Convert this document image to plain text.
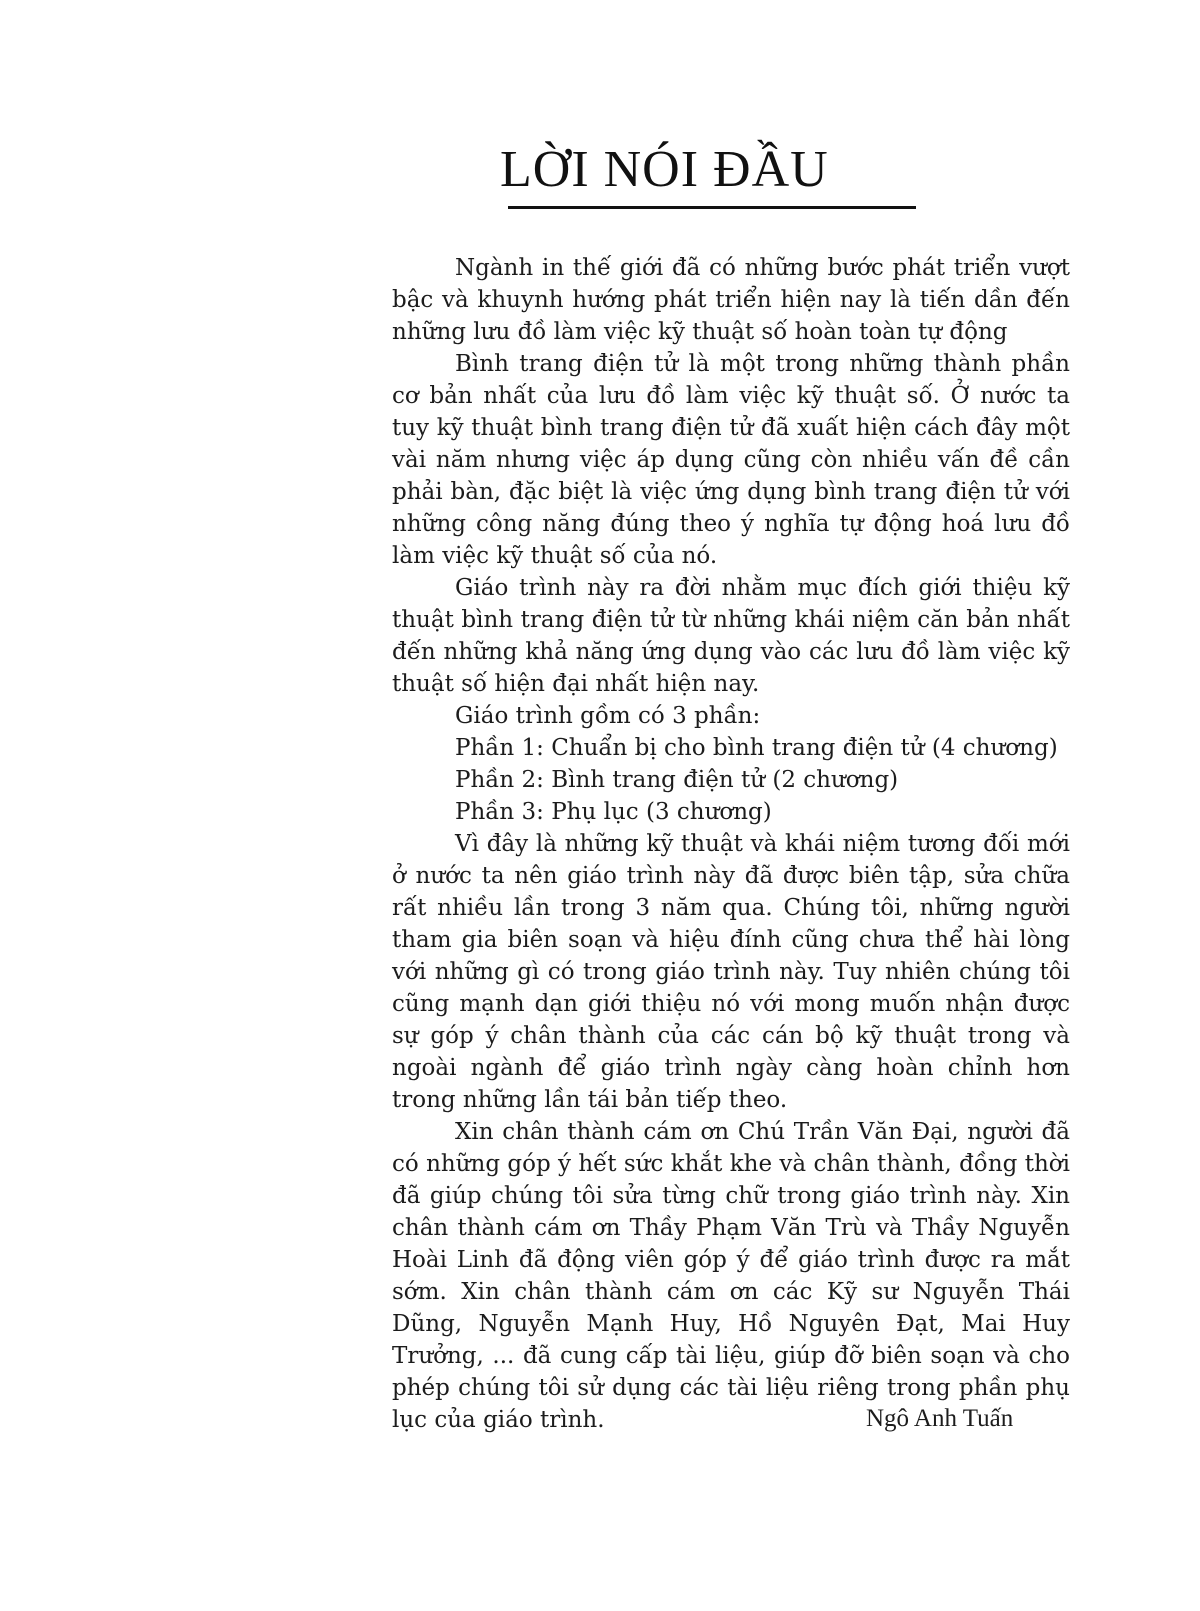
LỜI NÓI ĐẦU

Ngành in thế giới đã có những bước phát triển vượt bậc và khuynh hướng phát triển hiện nay là tiến dần đến những lưu đồ làm việc kỹ thuật số hoàn toàn tự động

Bình trang điện tử là một trong những thành phần cơ bản nhất của lưu đồ làm việc kỹ thuật số. Ở nước ta tuy kỹ thuật bình trang điện tử đã xuất hiện cách đây một vài năm nhưng việc áp dụng cũng còn nhiều vấn đề cần phải bàn, đặc biệt là việc ứng dụng bình trang điện tử với những công năng đúng theo ý nghĩa tự động hoá lưu đồ làm việc kỹ thuật số của nó.

Giáo trình này ra đời nhằm mục đích giới thiệu kỹ thuật bình trang điện tử từ những khái niệm căn bản nhất đến những khả năng ứng dụng vào các lưu đồ làm việc kỹ thuật số hiện đại nhất hiện nay.

Giáo trình gồm có 3 phần:

Phần 1: Chuẩn bị cho bình trang điện tử (4 chương)

Phần 2: Bình trang điện tử (2 chương)

Phần 3: Phụ lục (3 chương)

Vì đây là những kỹ thuật và khái niệm tương đối mới ở nước ta nên giáo trình này đã được biên tập, sửa chữa rất nhiều lần trong 3 năm qua. Chúng tôi, những người tham gia biên soạn và hiệu đính cũng chưa thể hài lòng với những gì có trong giáo trình này. Tuy nhiên chúng tôi cũng mạnh dạn giới thiệu nó với mong muốn nhận được sự góp ý chân thành của các cán bộ kỹ thuật trong và ngoài ngành để giáo trình ngày càng hoàn chỉnh hơn trong những lần tái bản tiếp theo.

Xin chân thành cám ơn Chú Trần Văn Đại, người đã có những góp ý hết sức khắt khe và chân thành, đồng thời đã giúp chúng tôi sửa từng chữ trong giáo trình này. Xin chân thành cám ơn Thầy Phạm Văn Trù và Thầy Nguyễn Hoài Linh đã động viên góp ý để giáo trình được ra mắt sớm. Xin chân thành cám ơn các Kỹ sư Nguyễn Thái Dũng, Nguyễn Mạnh Huy, Hồ Nguyên Đạt, Mai Huy Trưởng, ... đã cung cấp tài liệu, giúp đỡ biên soạn và cho phép chúng tôi sử dụng các tài liệu riêng trong phần phụ lục của giáo trình.	Ngô Anh Tuấn
